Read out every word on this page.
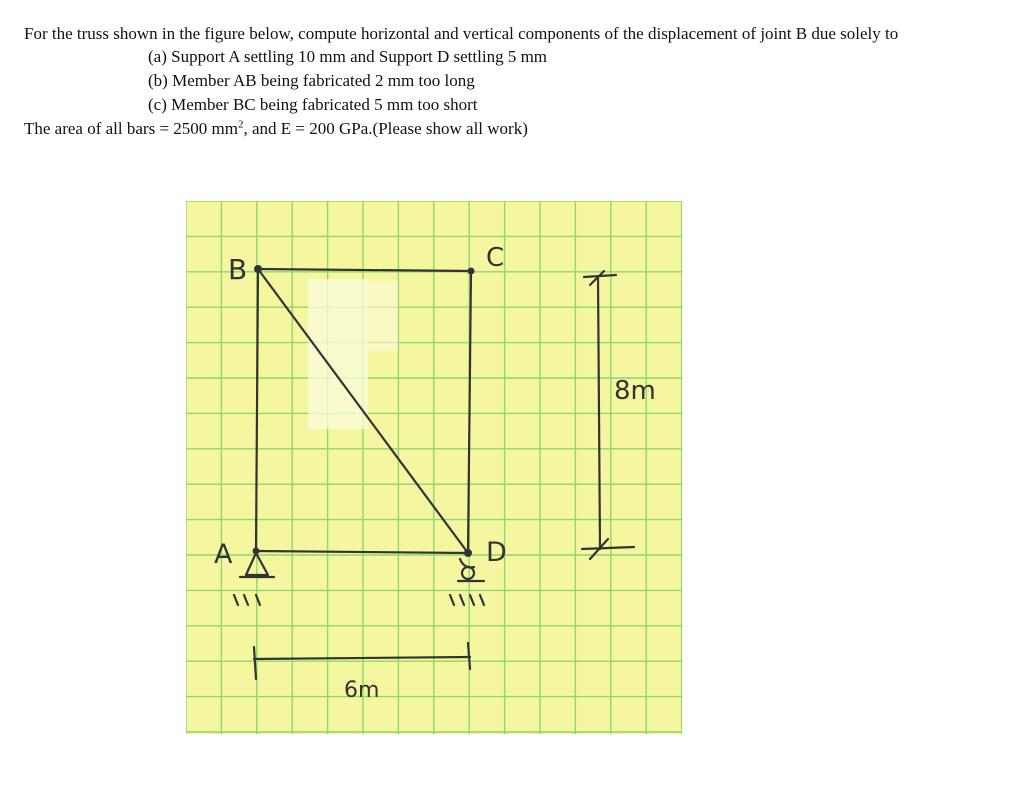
For the truss shown in the figure below, compute horizontal and vertical components of the displacement of joint B due solely to

(a) Support A settling 10 mm and Support D settling 5 mm
(b) Member AB being fabricated 2 mm too long
(c) Member BC being fabricated 5 mm too short

The area of all bars = 2500 $mm^2$, and E = 200 GPa.(Please show all work)

B	C
A	D
8m
6m
